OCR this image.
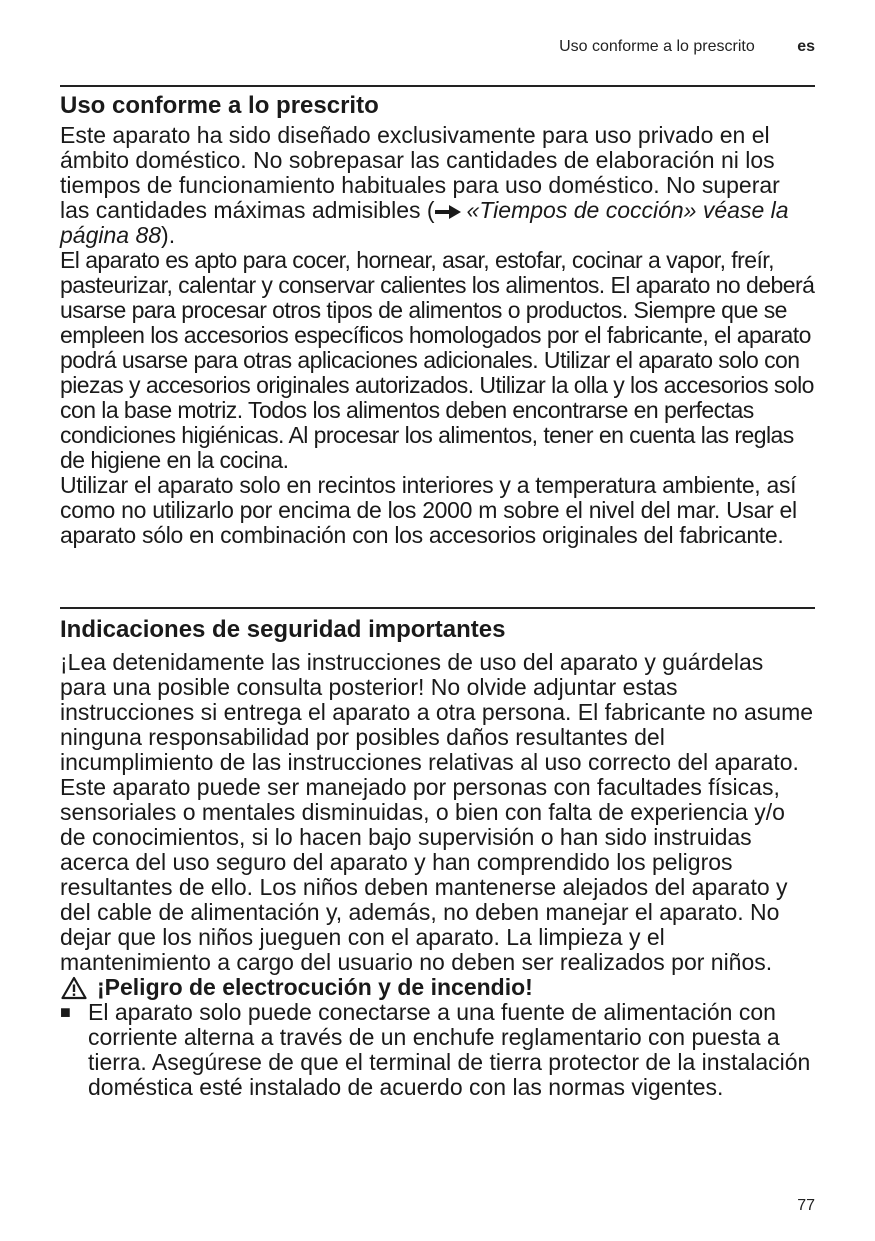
Uso conforme a lo prescrito	es
Uso conforme a lo prescrito

Este aparato ha sido diseñado exclusivamente para uso privado en el ámbito doméstico. No sobrepasar las cantidades de elaboración ni los tiempos de funcionamiento habituales para uso doméstico. No superar las cantidades máximas admisibles ( «Tiempos de cocción» véase la página 88).

El aparato es apto para cocer, hornear, asar, estofar, cocinar a vapor, freír, pasteurizar, calentar y conservar calientes los alimentos. El aparato no deberá usarse para procesar otros tipos de alimentos o productos. Siempre que se empleen los accesorios específicos homologados por el fabricante, el aparato podrá usarse para otras aplicaciones adicionales. Utilizar el aparato solo con piezas y accesorios originales autorizados. Utilizar la olla y los accesorios solo con la base motriz. Todos los alimentos deben encontrarse en perfectas condiciones higiénicas. Al procesar los alimentos, tener en cuenta las reglas de higiene en la cocina.

Utilizar el aparato solo en recintos interiores y a temperatura ambiente, así como no utilizarlo por encima de los 2000 m sobre el nivel del mar. Usar el aparato sólo en combinación con los accesorios originales del fabricante.

Indicaciones de seguridad importantes

¡Lea detenidamente las instrucciones de uso del aparato y guárdelas para una posible consulta posterior! No olvide adjuntar estas instrucciones si entrega el aparato a otra persona. El fabricante no asume ninguna responsabilidad por posibles daños resultantes del incumplimiento de las instrucciones relativas al uso correcto del aparato.

Este aparato puede ser manejado por personas con facultades físicas, sensoriales o mentales disminuidas, o bien con falta de experiencia y/o de conocimientos, si lo hacen bajo supervisión o han sido instruidas acerca del uso seguro del aparato y han comprendido los peligros resultantes de ello. Los niños deben mantenerse alejados del aparato y del cable de alimentación y, además, no deben manejar el aparato. No dejar que los niños jueguen con el aparato. La limpieza y el mantenimiento a cargo del usuario no deben ser realizados por niños.

¡Peligro de electrocución y de incendio!
■ El aparato solo puede conectarse a una fuente de alimentación con corriente alterna a través de un enchufe reglamentario con puesta a tierra. Asegúrese de que el terminal de tierra protector de la instalación doméstica esté instalado de acuerdo con las normas vigentes.
77
